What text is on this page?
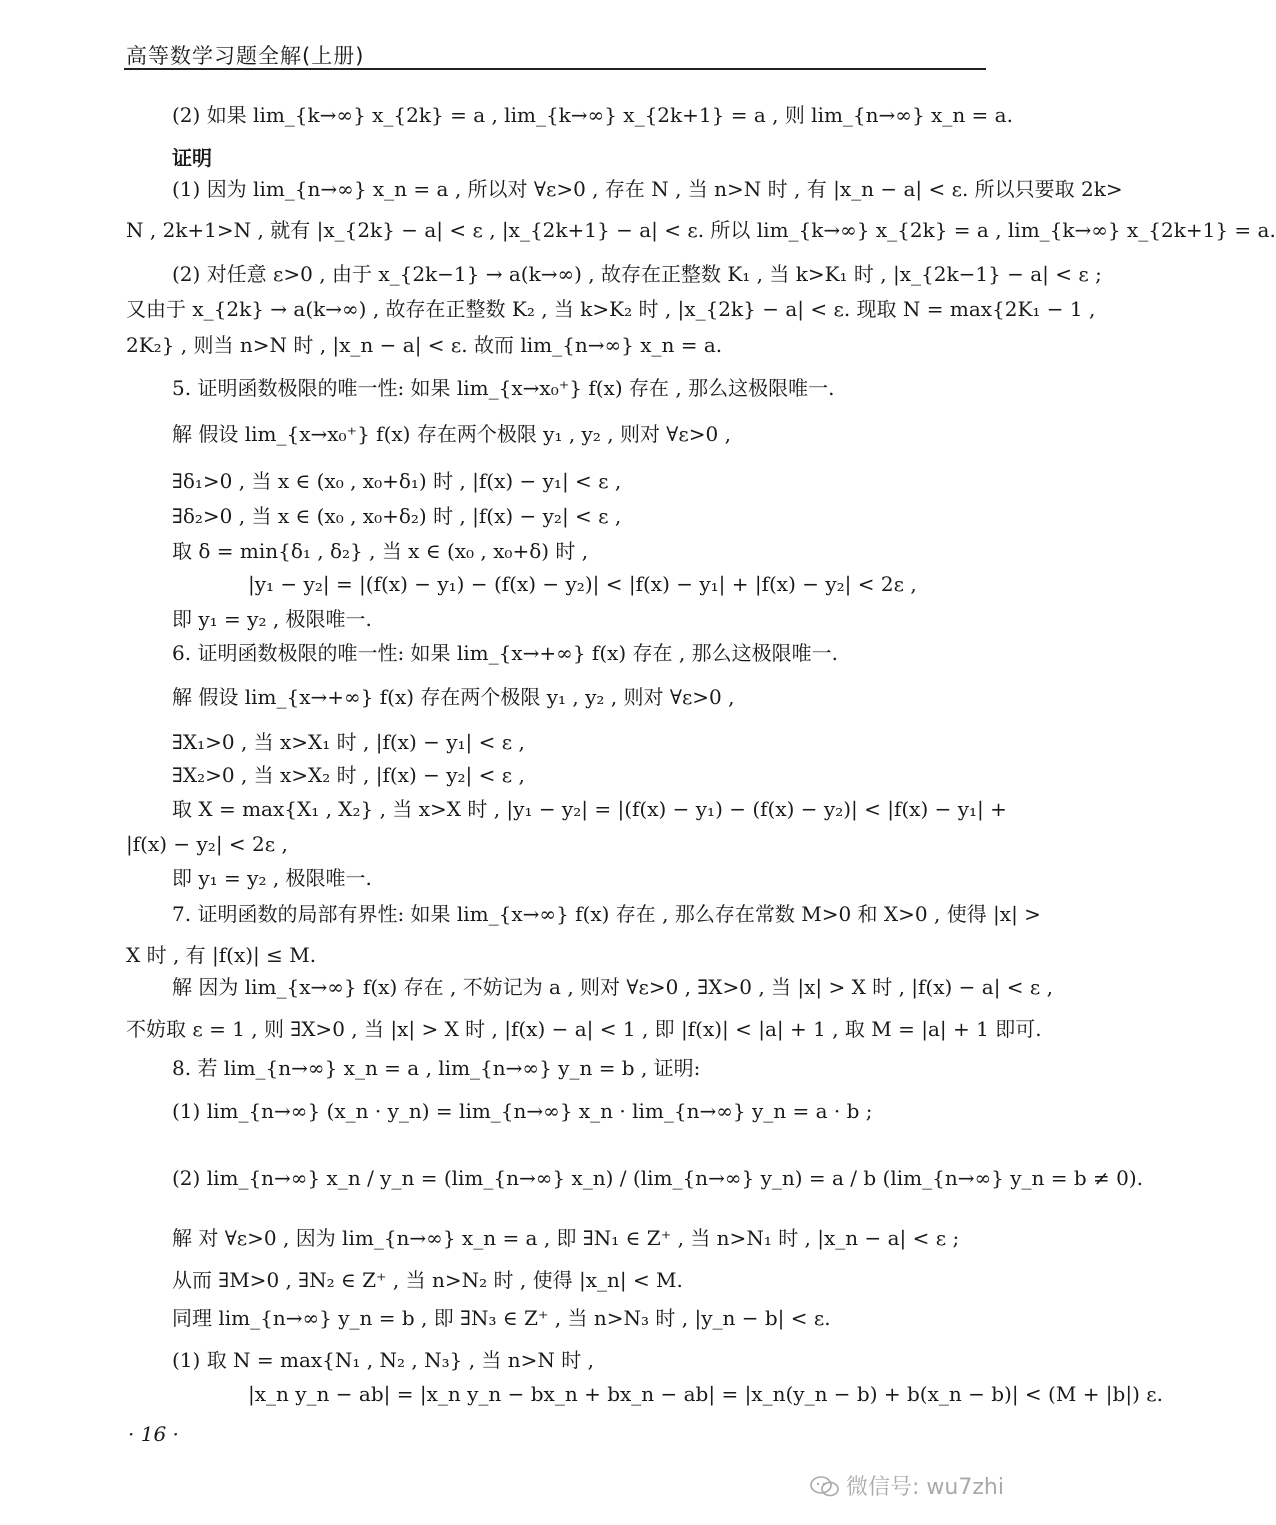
高等数学习题全解(上册)
(2) 如果 lim_{k→∞} x_{2k} = a , lim_{k→∞} x_{2k+1} = a , 则 lim_{n→∞} x_n = a.
证明
(1) 因为 lim_{n→∞} x_n = a , 所以对 ∀ε>0 , 存在 N , 当 n>N 时 , 有 |x_n − a| < ε. 所以只要取 2k>
N , 2k+1>N , 就有 |x_{2k} − a| < ε , |x_{2k+1} − a| < ε. 所以 lim_{k→∞} x_{2k} = a , lim_{k→∞} x_{2k+1} = a.
(2) 对任意 ε>0 , 由于 x_{2k−1} → a(k→∞) , 故存在正整数 K₁ , 当 k>K₁ 时 , |x_{2k−1} − a| < ε ;
又由于 x_{2k} → a(k→∞) , 故存在正整数 K₂ , 当 k>K₂ 时 , |x_{2k} − a| < ε. 现取 N = max{2K₁ − 1 ,
2K₂} , 则当 n>N 时 , |x_n − a| < ε. 故而 lim_{n→∞} x_n = a.
5. 证明函数极限的唯一性: 如果 lim_{x→x₀⁺} f(x) 存在 , 那么这极限唯一.
解 假设 lim_{x→x₀⁺} f(x) 存在两个极限 y₁ , y₂ , 则对 ∀ε>0 ,
∃δ₁>0 , 当 x ∈ (x₀ , x₀+δ₁) 时 , |f(x) − y₁| < ε ,
∃δ₂>0 , 当 x ∈ (x₀ , x₀+δ₂) 时 , |f(x) − y₂| < ε ,
取 δ = min{δ₁ , δ₂} , 当 x ∈ (x₀ , x₀+δ) 时 ,
|y₁ − y₂| = |(f(x) − y₁) − (f(x) − y₂)| < |f(x) − y₁| + |f(x) − y₂| < 2ε ,
即 y₁ = y₂ , 极限唯一.
6. 证明函数极限的唯一性: 如果 lim_{x→+∞} f(x) 存在 , 那么这极限唯一.
解 假设 lim_{x→+∞} f(x) 存在两个极限 y₁ , y₂ , 则对 ∀ε>0 ,
∃X₁>0 , 当 x>X₁ 时 , |f(x) − y₁| < ε ,
∃X₂>0 , 当 x>X₂ 时 , |f(x) − y₂| < ε ,
取 X = max{X₁ , X₂} , 当 x>X 时 , |y₁ − y₂| = |(f(x) − y₁) − (f(x) − y₂)| < |f(x) − y₁| +
|f(x) − y₂| < 2ε ,
即 y₁ = y₂ , 极限唯一.
7. 证明函数的局部有界性: 如果 lim_{x→∞} f(x) 存在 , 那么存在常数 M>0 和 X>0 , 使得 |x| >
X 时 , 有 |f(x)| ≤ M.
解 因为 lim_{x→∞} f(x) 存在 , 不妨记为 a , 则对 ∀ε>0 , ∃X>0 , 当 |x| > X 时 , |f(x) − a| < ε ,
不妨取 ε = 1 , 则 ∃X>0 , 当 |x| > X 时 , |f(x) − a| < 1 , 即 |f(x)| < |a| + 1 , 取 M = |a| + 1 即可.
8. 若 lim_{n→∞} x_n = a , lim_{n→∞} y_n = b , 证明:
(1) lim_{n→∞} (x_n · y_n) = lim_{n→∞} x_n · lim_{n→∞} y_n = a · b ;
(2) lim_{n→∞} x_n / y_n = (lim_{n→∞} x_n) / (lim_{n→∞} y_n) = a / b (lim_{n→∞} y_n = b ≠ 0).
解 对 ∀ε>0 , 因为 lim_{n→∞} x_n = a , 即 ∃N₁ ∈ Z⁺ , 当 n>N₁ 时 , |x_n − a| < ε ;
从而 ∃M>0 , ∃N₂ ∈ Z⁺ , 当 n>N₂ 时 , 使得 |x_n| < M.
同理 lim_{n→∞} y_n = b , 即 ∃N₃ ∈ Z⁺ , 当 n>N₃ 时 , |y_n − b| < ε.
(1) 取 N = max{N₁ , N₂ , N₃} , 当 n>N 时 ,
|x_n y_n − ab| = |x_n y_n − bx_n + bx_n − ab| = |x_n(y_n − b) + b(x_n − b)| < (M + |b|) ε.
· 16 ·
微信号: wu7zhi
